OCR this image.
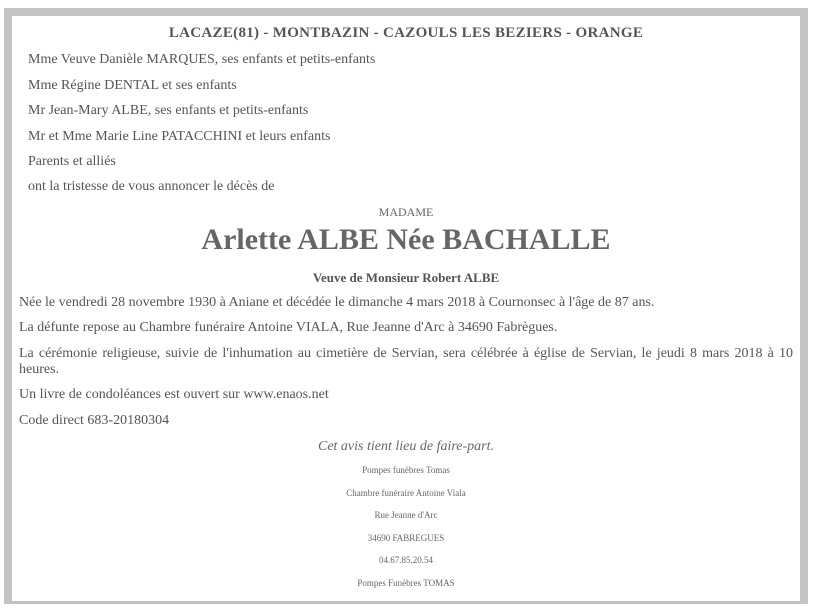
LACAZE(81) - MONTBAZIN - CAZOULS LES BEZIERS - ORANGE
Mme Veuve Danièle MARQUES, ses enfants et petits-enfants
Mme Régine DENTAL et ses enfants
Mr Jean-Mary ALBE, ses enfants et petits-enfants
Mr et Mme Marie Line PATACCHINI et leurs enfants
Parents et alliés
ont la tristesse de vous annoncer le décès de
MADAME
Arlette ALBE Née BACHALLE
Veuve de Monsieur Robert ALBE
Née le vendredi 28 novembre 1930 à Aniane et décédée le dimanche 4 mars 2018 à Cournonsec à l'âge de 87 ans.
La défunte repose au Chambre funéraire Antoine VIALA, Rue Jeanne d'Arc à 34690 Fabrègues.
La cérémonie religieuse, suivie de l'inhumation au cimetière de Servian, sera célébrée à église de Servian, le jeudi 8 mars 2018 à 10 heures.
Un livre de condoléances est ouvert sur www.enaos.net
Code direct 683-20180304
Cet avis tient lieu de faire-part.
Pompes funèbres Tomas
Chambre funéraire Antoine Viala
Rue Jeanne d'Arc
34690 FABREGUES
04.67.85.20.54
Pompes Funèbres TOMAS
